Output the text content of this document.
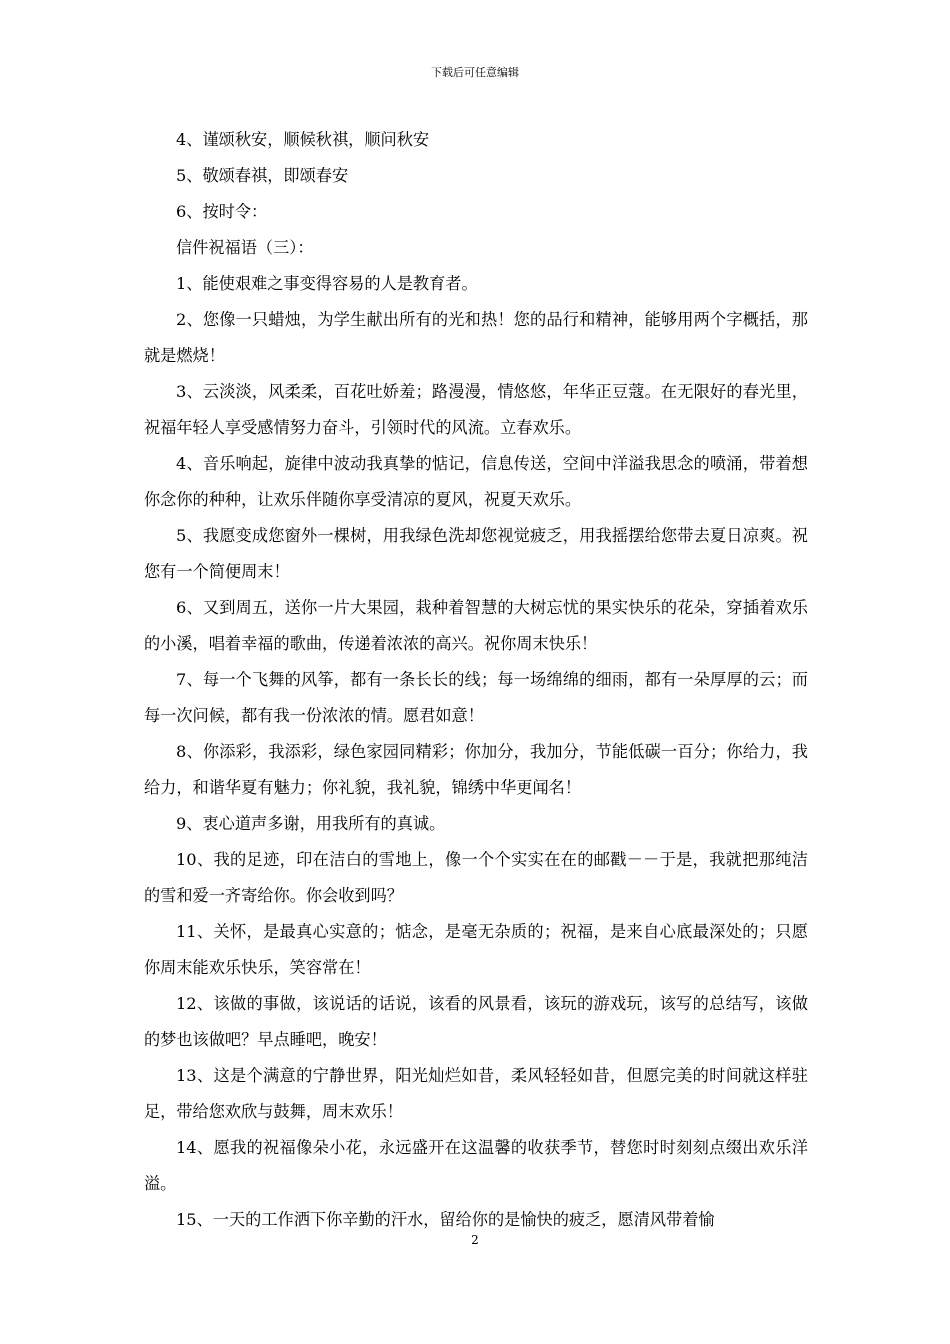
下载后可任意编辑

4、谨颂秋安，顺候秋祺，顺问秋安

5、敬颂春祺，即颂春安

6、按时令：

信件祝福语（三）：

1、能使艰难之事变得容易的人是教育者。

2、您像一只蜡烛，为学生献出所有的光和热！您的品行和精神，能够用两个字概括，那就是燃烧！

3、云淡淡，风柔柔，百花吐娇羞；路漫漫，情悠悠，年华正豆蔻。在无限好的春光里，祝福年轻人享受感情努力奋斗，引领时代的风流。立春欢乐。

4、音乐响起，旋律中波动我真挚的惦记，信息传送，空间中洋溢我思念的喷涌，带着想你念你的种种，让欢乐伴随你享受清凉的夏风，祝夏天欢乐。

5、我愿变成您窗外一棵树，用我绿色洗却您视觉疲乏，用我摇摆给您带去夏日凉爽。祝您有一个简便周末！

6、又到周五，送你一片大果园，栽种着智慧的大树忘忧的果实快乐的花朵，穿插着欢乐的小溪，唱着幸福的歌曲，传递着浓浓的高兴。祝你周末快乐！

7、每一个飞舞的风筝，都有一条长长的线；每一场绵绵的细雨，都有一朵厚厚的云；而每一次问候，都有我一份浓浓的情。愿君如意！

8、你添彩，我添彩，绿色家园同精彩；你加分，我加分，节能低碳一百分；你给力，我给力，和谐华夏有魅力；你礼貌，我礼貌，锦绣中华更闻名！

9、衷心道声多谢，用我所有的真诚。

10、我的足迹，印在洁白的雪地上，像一个个实实在在的邮戳－－于是，我就把那纯洁的雪和爱一齐寄给你。你会收到吗？

11、关怀，是最真心实意的；惦念，是毫无杂质的；祝福，是来自心底最深处的；只愿你周末能欢乐快乐，笑容常在！

12、该做的事做，该说话的话说，该看的风景看，该玩的游戏玩，该写的总结写，该做的梦也该做吧？早点睡吧，晚安！

13、这是个满意的宁静世界，阳光灿烂如昔，柔风轻轻如昔，但愿完美的时间就这样驻足，带给您欢欣与鼓舞，周末欢乐！

14、愿我的祝福像朵小花，永远盛开在这温馨的收获季节，替您时时刻刻点缀出欢乐洋溢。

15、一天的工作洒下你辛勤的汗水，留给你的是愉快的疲乏，愿清风带着愉

2
